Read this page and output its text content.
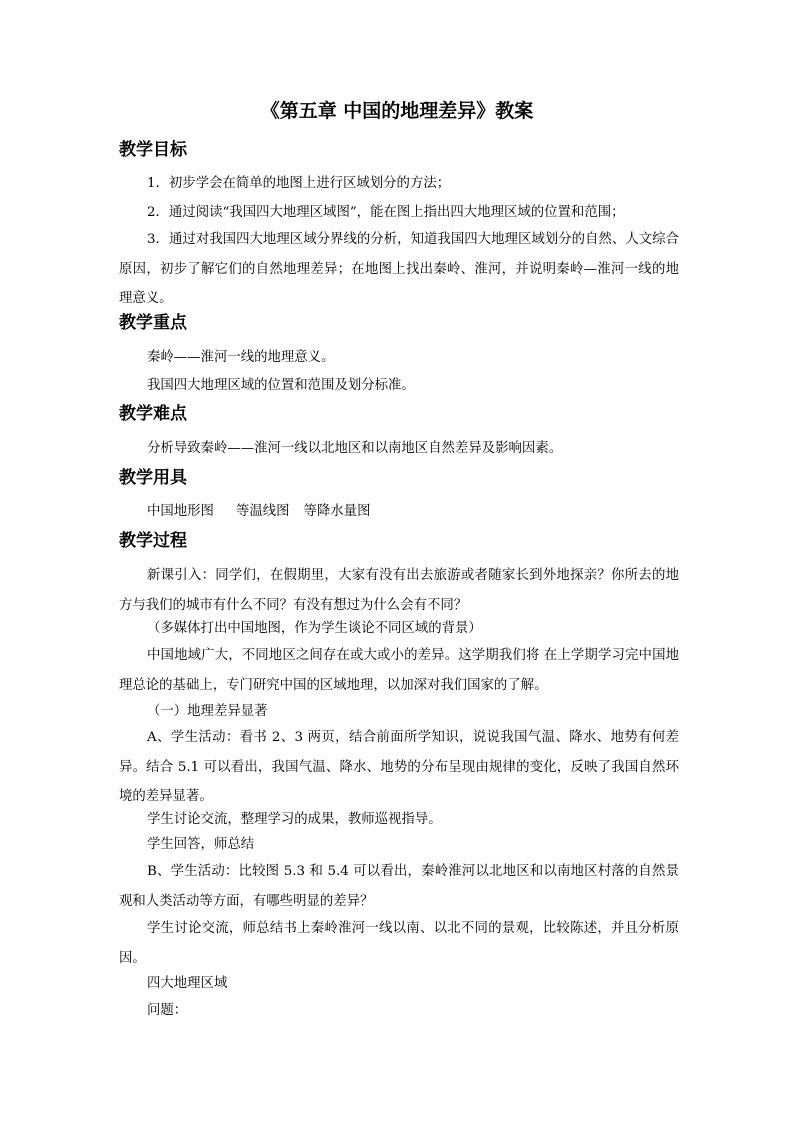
《第五章 中国的地理差异》教案
教学目标
1．初步学会在简单的地图上进行区域划分的方法；
2．通过阅读“我国四大地理区域图”，能在图上指出四大地理区域的位置和范围；

3．通过对我国四大地理区域分界线的分析，知道我国四大地理区域划分的自然、人文综合原因，初步了解它们的自然地理差异；在地图上找出秦岭、淮河，并说明秦岭—淮河一线的地理意义。

教学重点
秦岭——淮河一线的地理意义。
我国四大地理区域的位置和范围及划分标准。
教学难点
分析导致秦岭——淮河一线以北地区和以南地区自然差异及影响因素。
教学用具
中国地形图 等温线图 等降水量图
教学过程

新课引入：同学们，在假期里，大家有没有出去旅游或者随家长到外地探亲？你所去的地方与我们的城市有什么不同？有没有想过为什么会有不同？

（多媒体打出中国地图，作为学生谈论不同区域的背景）

中国地域广大，不同地区之间存在或大或小的差异。这学期我们将 在上学期学习完中国地理总论的基础上，专门研究中国的区域地理，以加深对我们国家的了解。

（一）地理差异显著

A、学生活动：看书 2、3 两页，结合前面所学知识，说说我国气温、降水、地势有何差异。结合 5.1 可以看出，我国气温、降水、地势的分布呈现由规律的变化，反映了我国自然环境的差异显著。

学生讨论交流，整理学习的成果，教师巡视指导。
学生回答，师总结

B、学生活动：比较图 5.3 和 5.4 可以看出，秦岭淮河以北地区和以南地区村落的自然景观和人类活动等方面，有哪些明显的差异？

学生讨论交流，师总结书上秦岭淮河一线以南、以北不同的景观，比较陈述，并且分析原因。

四大地理区域
问题：
